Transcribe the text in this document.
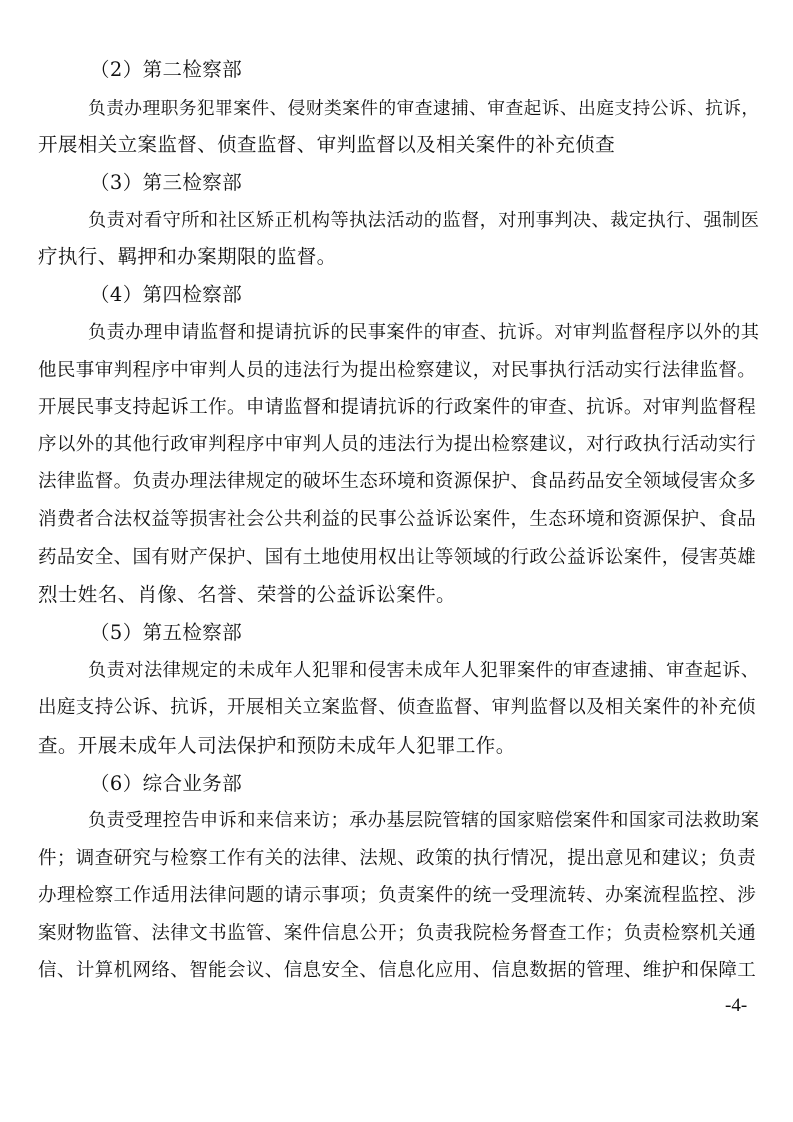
（2）第二检察部
负责办理职务犯罪案件、侵财类案件的审查逮捕、审查起诉、出庭支持公诉、抗诉，
开展相关立案监督、侦查监督、审判监督以及相关案件的补充侦查
（3）第三检察部
负责对看守所和社区矫正机构等执法活动的监督，对刑事判决、裁定执行、强制医
疗执行、羁押和办案期限的监督。
（4）第四检察部
负责办理申请监督和提请抗诉的民事案件的审查、抗诉。对审判监督程序以外的其
他民事审判程序中审判人员的违法行为提出检察建议，对民事执行活动实行法律监督。
开展民事支持起诉工作。申请监督和提请抗诉的行政案件的审查、抗诉。对审判监督程
序以外的其他行政审判程序中审判人员的违法行为提出检察建议，对行政执行活动实行
法律监督。负责办理法律规定的破坏生态环境和资源保护、食品药品安全领域侵害众多
消费者合法权益等损害社会公共利益的民事公益诉讼案件，生态环境和资源保护、食品
药品安全、国有财产保护、国有土地使用权出让等领域的行政公益诉讼案件，侵害英雄
烈士姓名、肖像、名誉、荣誉的公益诉讼案件。
（5）第五检察部
负责对法律规定的未成年人犯罪和侵害未成年人犯罪案件的审查逮捕、审查起诉、
出庭支持公诉、抗诉，开展相关立案监督、侦查监督、审判监督以及相关案件的补充侦
查。开展未成年人司法保护和预防未成年人犯罪工作。
（6）综合业务部
负责受理控告申诉和来信来访；承办基层院管辖的国家赔偿案件和国家司法救助案
件；调查研究与检察工作有关的法律、法规、政策的执行情况，提出意见和建议；负责
办理检察工作适用法律问题的请示事项；负责案件的统一受理流转、办案流程监控、涉
案财物监管、法律文书监管、案件信息公开；负责我院检务督查工作；负责检察机关通
信、计算机网络、智能会议、信息安全、信息化应用、信息数据的管理、维护和保障工
-4-
